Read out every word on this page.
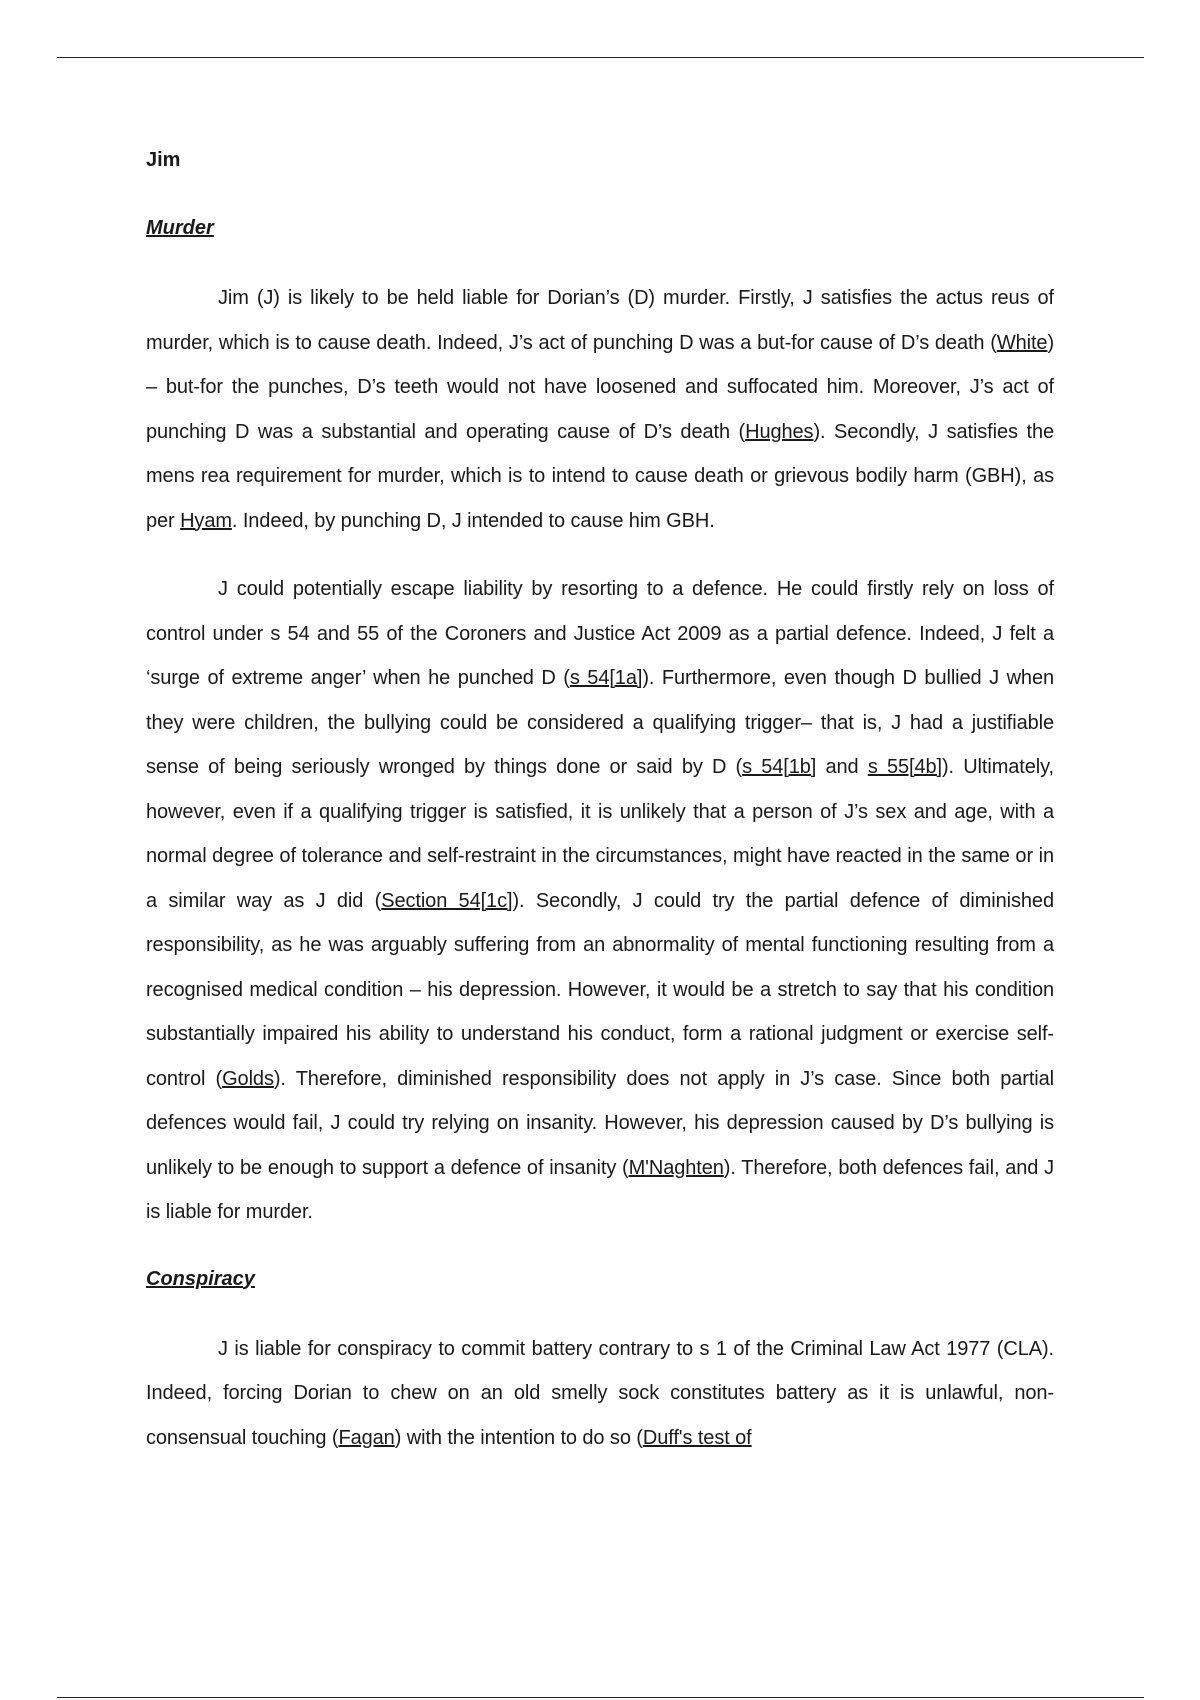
Jim
Murder

Jim (J) is likely to be held liable for Dorian’s (D) murder. Firstly, J satisfies the actus reus of murder, which is to cause death. Indeed, J’s act of punching D was a but-for cause of D’s death (White) – but-for the punches, D’s teeth would not have loosened and suffocated him. Moreover, J’s act of punching D was a substantial and operating cause of D’s death (Hughes). Secondly, J satisfies the mens rea requirement for murder, which is to intend to cause death or grievous bodily harm (GBH), as per Hyam. Indeed, by punching D, J intended to cause him GBH.

J could potentially escape liability by resorting to a defence. He could firstly rely on loss of control under s 54 and 55 of the Coroners and Justice Act 2009 as a partial defence. Indeed, J felt a ‘surge of extreme anger’ when he punched D (s 54[1a]). Furthermore, even though D bullied J when they were children, the bullying could be considered a qualifying trigger– that is, J had a justifiable sense of being seriously wronged by things done or said by D (s 54[1b] and s 55[4b]). Ultimately, however, even if a qualifying trigger is satisfied, it is unlikely that a person of J’s sex and age, with a normal degree of tolerance and self-restraint in the circumstances, might have reacted in the same or in a similar way as J did (Section 54[1c]). Secondly, J could try the partial defence of diminished responsibility, as he was arguably suffering from an abnormality of mental functioning resulting from a recognised medical condition – his depression. However, it would be a stretch to say that his condition substantially impaired his ability to understand his conduct, form a rational judgment or exercise self-control (Golds). Therefore, diminished responsibility does not apply in J’s case. Since both partial defences would fail, J could try relying on insanity. However, his depression caused by D’s bullying is unlikely to be enough to support a defence of insanity (M'Naghten). Therefore, both defences fail, and J is liable for murder.

Conspiracy

J is liable for conspiracy to commit battery contrary to s 1 of the Criminal Law Act 1977 (CLA). Indeed, forcing Dorian to chew on an old smelly sock constitutes battery as it is unlawful, non-consensual touching (Fagan) with the intention to do so (Duff's test of
